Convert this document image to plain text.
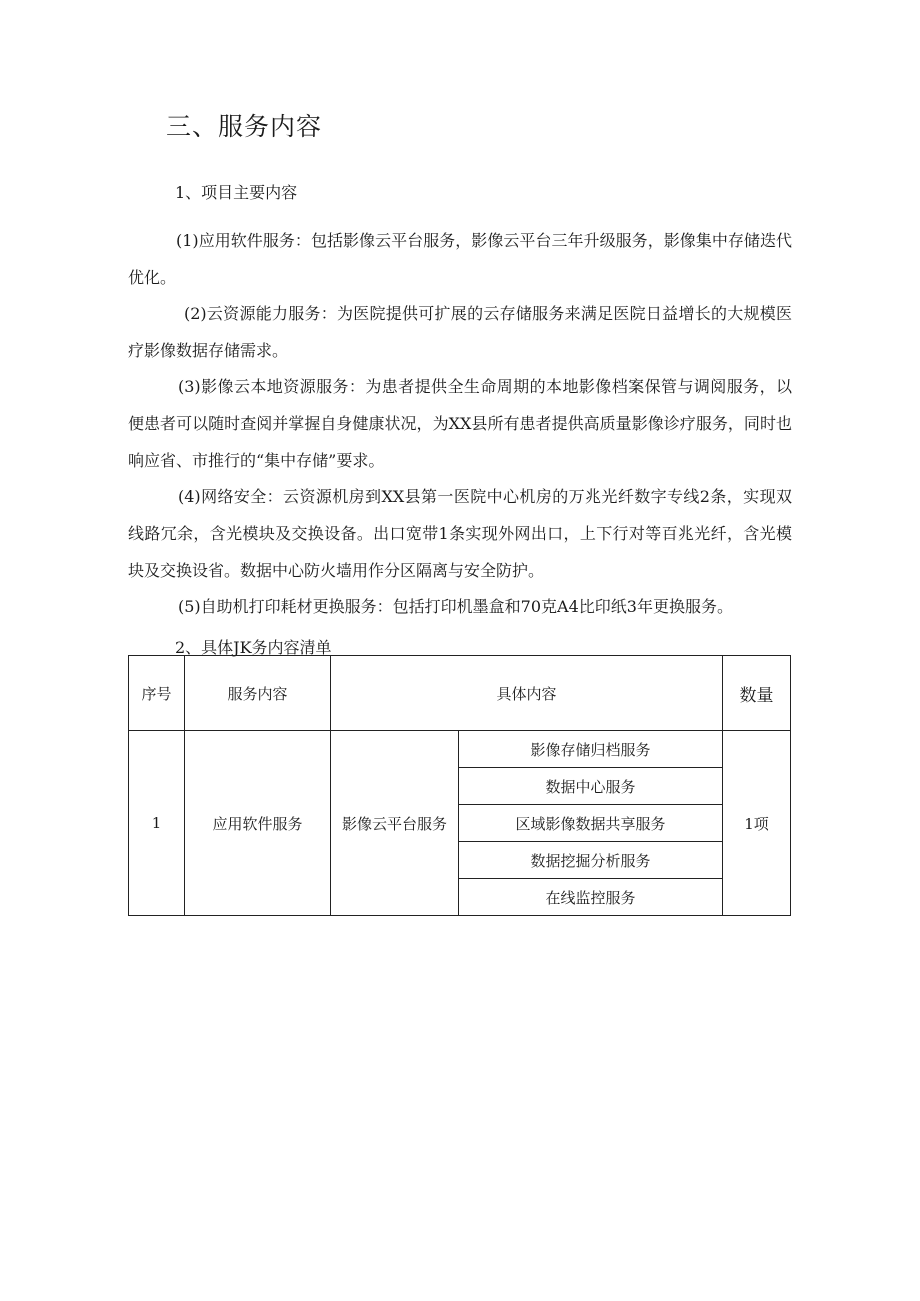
三、服务内容
1、项目主要内容
(1)应用软件服务：包括影像云平台服务，影像云平台三年升级服务，影像集中存储迭代优化。
(2)云资源能力服务：为医院提供可扩展的云存储服务来满足医院日益增长的大规模医疗影像数据存储需求。
(3)影像云本地资源服务：为患者提供全生命周期的本地影像档案保管与调阅服务，以便患者可以随时查阅并掌握自身健康状况，为XX县所有患者提供高质量影像诊疗服务，同时也响应省、市推行的“集中存储”要求。
(4)网络安全：云资源机房到XX县第一医院中心机房的万兆光纤数字专线2条，实现双线路冗余，含光模块及交换设备。出口宽带1条实现外网出口，上下行对等百兆光纤，含光模块及交换设省。数据中心防火墙用作分区隔离与安全防护。
(5)自助机打印耗材更换服务：包括打印机墨盒和70克A4比印纸3年更换服务。
2、具体JK务内容清单
序号	服务内容	具体内容		数量
1	应用软件服务	影像云平台服务	影像存储归档服务	1项
			数据中心服务	
			区域影像数据共享服务	
			数据挖掘分析服务	
			在线监控服务	
